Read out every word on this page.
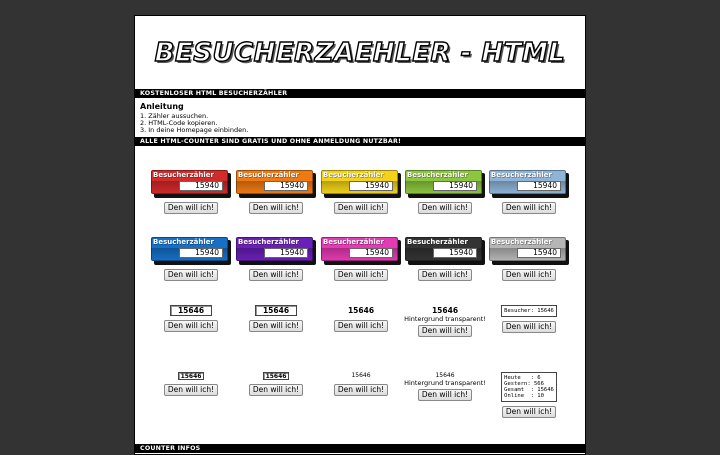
BESUCHERZAEHLER - HTML
KOSTENLOSER HTML BESUCHERZÄHLER
Anleitung
1. Zähler aussuchen.
2. HTML-Code kopieren.
3. In deine Homepage einbinden.
ALLE HTML-COUNTER SIND GRATIS UND OHNE ANMELDUNG NUTZBAR!
Besucherzähler
15940
Den will ich!
Besucherzähler
15940
Den will ich!
Besucherzähler
15940
Den will ich!
Besucherzähler
15940
Den will ich!
Besucherzähler
15940
Den will ich!
Besucherzähler
15940
Den will ich!
Besucherzähler
15940
Den will ich!
Besucherzähler
15940
Den will ich!
Besucherzähler
15940
Den will ich!
Besucherzähler
15940
Den will ich!
15646
Den will ich!
15646
Den will ich!
15646
Den will ich!
15646
Hintergrund transparent!
Den will ich!
Besucher: 15646
Den will ich!
15646
Den will ich!
15646
Den will ich!
15646
Den will ich!
15646
Hintergrund transparent!
Den will ich!
Heute   : 6
Gestern: 566
Gesamt  : 15646
Online  : 10
Den will ich!
COUNTER INFOS
